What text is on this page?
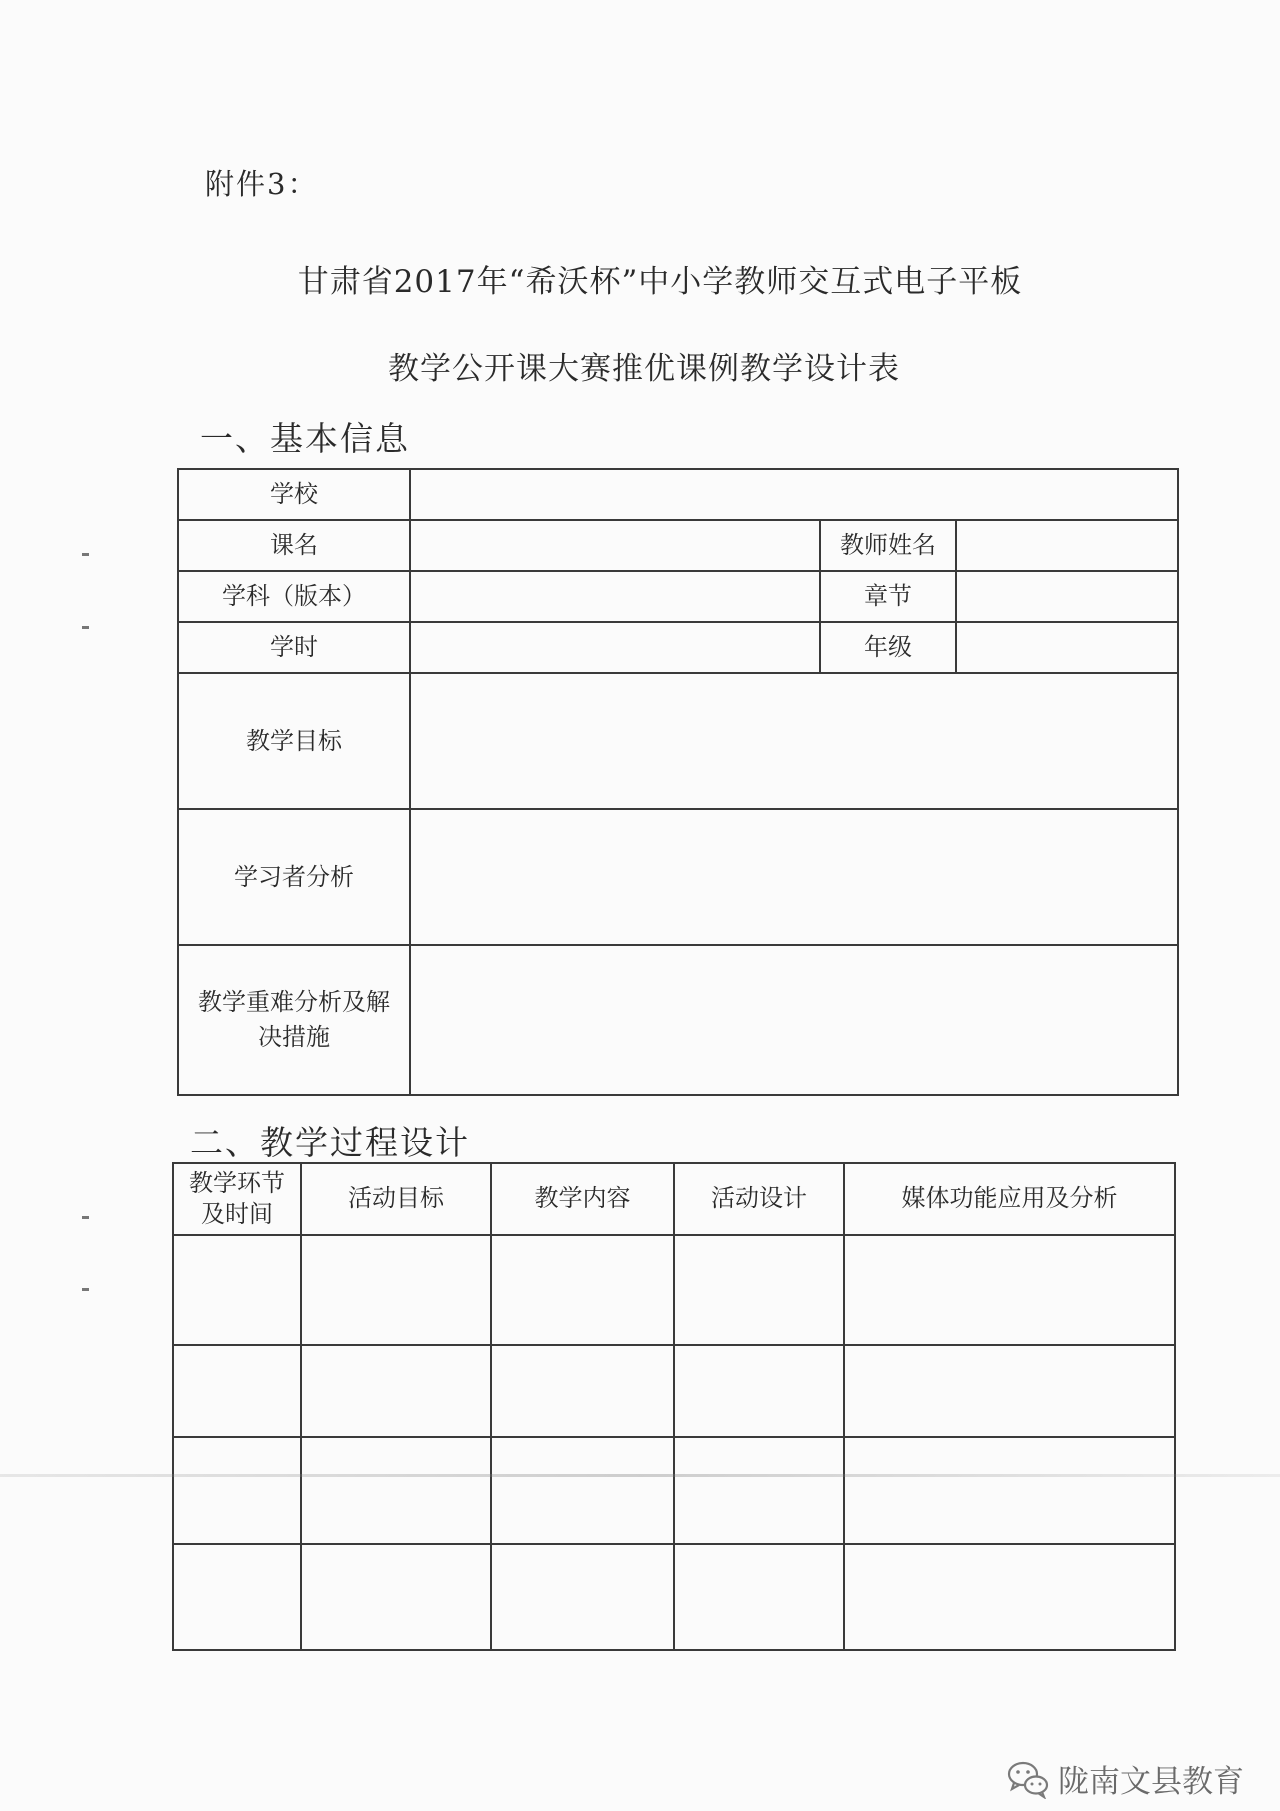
附件3：
甘肃省2017年“希沃杯”中小学教师交互式电子平板
教学公开课大赛推优课例教学设计表
一、基本信息
学校			
课名		教师姓名	
学科（版本）		章节	
学时		年级	
教学目标			
学习者分析			
教学重难分析及解决措施			
二、教学过程设计
教学环节及时间	活动目标	教学内容	活动设计	媒体功能应用及分析

陇南文县教育
